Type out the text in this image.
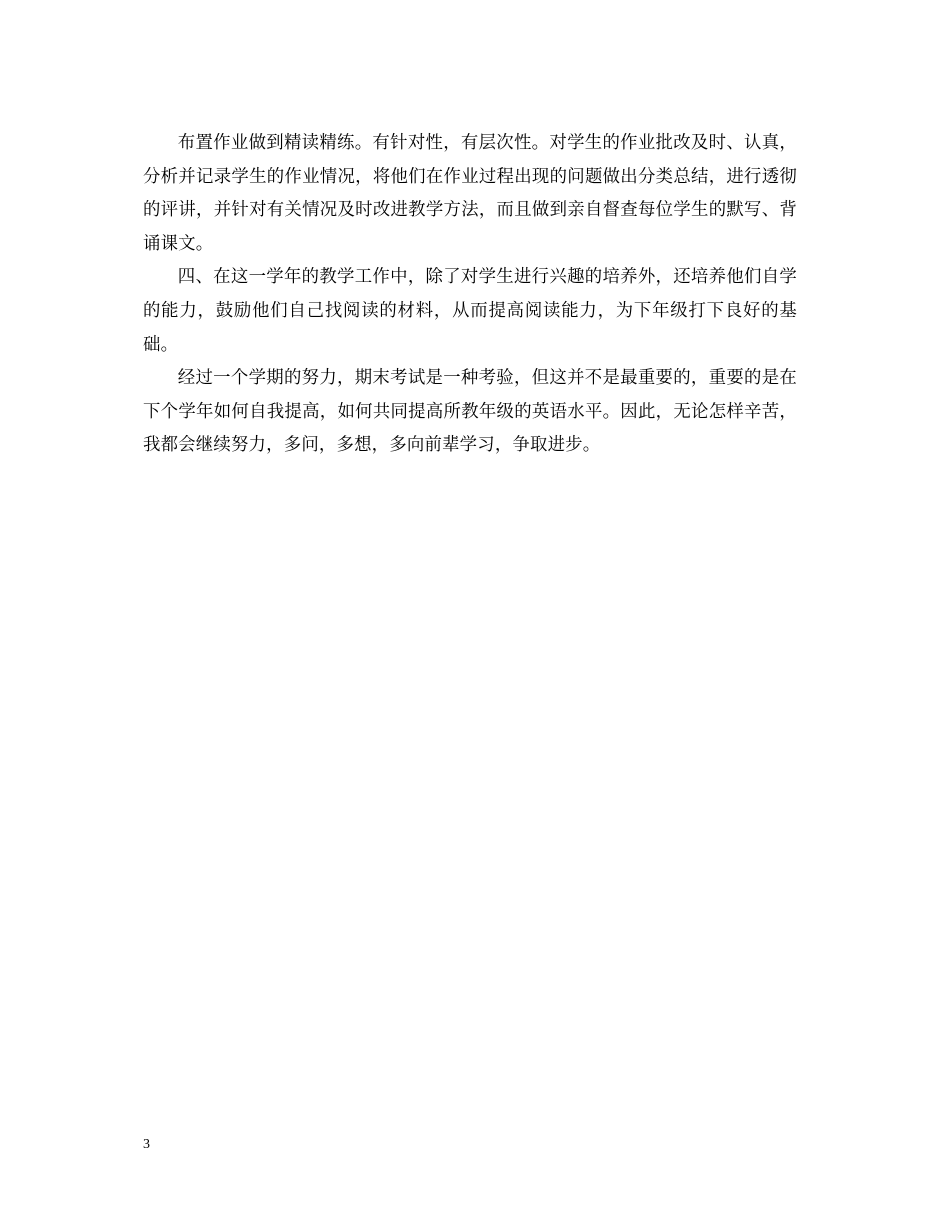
布置作业做到精读精练。有针对性，有层次性。对学生的作业批改及时、认真，分析并记录学生的作业情况，将他们在作业过程出现的问题做出分类总结，进行透彻的评讲，并针对有关情况及时改进教学方法，而且做到亲自督查每位学生的默写、背诵课文。

四、在这一学年的教学工作中，除了对学生进行兴趣的培养外，还培养他们自学的能力，鼓励他们自己找阅读的材料，从而提高阅读能力，为下年级打下良好的基础。

经过一个学期的努力，期末考试是一种考验，但这并不是最重要的，重要的是在下个学年如何自我提高，如何共同提高所教年级的英语水平。因此，无论怎样辛苦，我都会继续努力，多问，多想，多向前辈学习，争取进步。

3
